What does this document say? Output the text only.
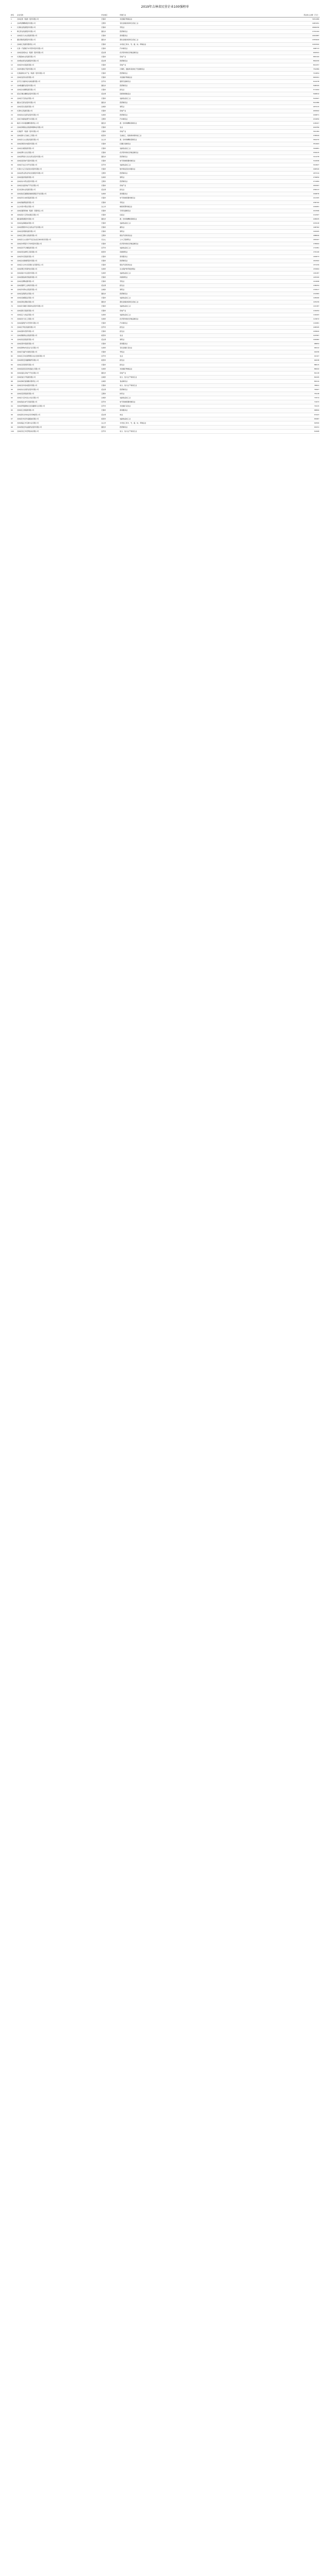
2019年吉林省民营企业100强榜单
排名	企业名称	所在地区	所属行业	营业收入总额（万元）
1	吉林亚泰（集团）股份有限公司	长春市	非金属矿物制品业	3151289
2	吉林利源精制股份有限公司	辽源市	有色金属冶炼和压延加工业	1983451
3	长春欧亚集团股份有限公司	长春市	零售业	1846230
4	修正药业集团股份有限公司	通化市	医药制造业	1732104
5	吉林省长久实业集团有限公司	长春市	商务服务业	1402987
6	通化钢铁集团股份有限公司	通化市	黑色金属冶炼和压延加工业	1355620
7	吉林森工集团有限责任公司	长春市	木材加工和木、竹、藤、棕、草制品业	1104322
8	长春一汽富维汽车零部件股份有限公司	长春市	汽车制造业	998713
9	吉林省金塔实业（集团）股份有限公司	延边州	化学原料和化学制品制造业	902541
10	长春嘉诚实业集团有限公司	长春市	房地产业	883109
11	吉林敖东药业集团股份有限公司	延边州	医药制造业	862430
12	吉林省中东集团有限公司	长春市	房地产业	801257
13	吉林华微电子股份有限公司	吉林市	计算机、通信和其他电子设备制造业	754389
14	长春高新技术产业（集团）股份有限公司	长春市	医药制造业	701854
15	吉林省亚泰水泥有限公司	长春市	非金属矿物制品业	663201
16	四平巨元瀚洋板式换热器有限公司	四平市	通用设备制造业	612478
17	吉林紫鑫药业股份有限公司	通化市	医药制造业	598320
18	吉林省吉港澳集团有限公司	长春市	批发业	571094
19	延边石岘白麓纸业股份有限公司	延边州	造纸和纸制品业	546812
20	吉林省天景食品有限公司	长春市	农副食品加工业	522907
21	通化东宝药业股份有限公司	通化市	医药制造业	501386
22	吉林省宏达集团有限公司	白城市	建筑业	487215
23	长春华正集团有限公司	长春市	房地产业	463092
24	吉林省东北亚药业股份有限公司	吉林市	医药制造业	449871
25	吉林万向新能源汽车有限公司	辽源市	汽车制造业	431650
26	梅河口市阜康酒精有限责任公司	通化市	酒、饮料和精制茶制造业	418207
27	吉林省鸿翔农业集团鸿翔种业有限公司	长春市	农业	402356
28	长春经开（集团）股份有限公司	长春市	房地产业	391184
29	吉林省新大石油化工有限公司	松原市	石油加工、炼焦和核燃料加工业	378529
30	吉林省长白山酒业集团有限公司	白山市	酒、饮料和精制茶制造业	362470
31	吉林省奥普光电股份有限公司	长春市	仪器仪表制造业	351903
32	吉林省吉粮集团有限公司	长春市	农副食品加工业	344681
33	吉林省博大生化有限公司	长春市	化学原料和化学制品制造业	332015
34	吉林省辉南长龙生化药业股份有限公司	通化市	医药制造业	321478
35	吉林省金冠电气股份有限公司	长春市	电气机械和器材制造业	312936
36	吉林省天成玉米开发有限公司	四平市	农副食品加工业	301827
37	长春吉大正元信息技术股份有限公司	长春市	软件和信息技术服务业	296540
38	吉林省西点药业科技发展股份有限公司	辽源市	医药制造业	287319
39	吉林省盛世集团有限公司	吉林市	建筑业	279650
40	吉林省东丰药业股份有限公司	辽源市	医药制造业	271084
41	吉林省吉盛房地产开发有限公司	长春市	房地产业	263497
42	延吉恒润实业集团有限公司	延边州	批发业	258213
43	吉林省松花湖国际旅游度假区开发有限公司	吉林市	商务服务业	249876
44	吉林省华生电机集团有限公司	长春市	电气机械和器材制造业	241305
45	吉林省瑞源集团有限公司	长春市	零售业	236742
46	白山市喜丰塑业有限公司	白山市	橡胶和塑料制品业	229081
47	吉林省通用机械（集团）有限责任公司	长春市	专用设备制造业	221596
48	吉林省恒大宝利来酒店有限公司	长春市	住宿业	214307
49	通化葡萄酒股份有限公司	通化市	酒、饮料和精制茶制造业	208935
50	吉林省益海粮油有限公司	长春市	农副食品加工业	203418
51	吉林省德惠市华正农牧业开发有限公司	长春市	畜牧业	198762
52	吉林省金钥匙集团有限公司	长春市	建筑业	193205
53	吉林省辽源矿业集团有限公司	辽源市	煤炭开采和洗选业	188640
54	吉林省长白山保护开发区池北区城市建设有限公司	长白山	土木工程建筑业	183297
55	吉林省中研高分子材料股份有限公司	长春市	化学原料和化学制品制造业	178904
56	吉林省四平红嘴集团有限公司	四平市	农副食品加工业	174381
57	吉林省宏远建筑工程有限公司	松原市	房屋建筑业	170126
58	吉林省华安集团有限公司	长春市	商务服务业	165873
59	吉林省吉春制药股份有限公司	长春市	医药制造业	161502
60	吉林省九台市龙家堡矿业有限责任公司	长春市	煤炭开采和洗选业	157239
61	吉林省明日环保科技有限公司	吉林市	生态保护和环境治理业	153064
62	吉林省裕丰米业股份有限公司	吉林市	农副食品加工业	149187
63	吉林省国信建设集团有限公司	长春市	房屋建筑业	145320
64	吉林省金鹰电器有限公司	长春市	零售业	141698
65	吉林省烟草工业物资有限公司	延边州	批发业	138254
66	吉林省华源实业集团有限公司	白城市	建筑业	134917
67	吉林省亚联药业有限公司	通化市	医药制造业	131583
68	吉林省金翼蛋品有限公司	长春市	农副食品加工业	128406
69	吉林省鸿达钢铁有限公司	通化市	黑色金属冶炼和压延加工业	125239
70	吉林省长春皓月清真肉业股份有限公司	长春市	农副食品加工业	122187
71	吉林省新元集团有限公司	长春市	房地产业	119254
72	吉林省正大食品有限公司	吉林市	农副食品加工业	116403
73	吉林省光大化工有限公司	吉林市	化学原料和化学制品制造业	113672
74	吉林省富奥汽车零部件有限公司	长春市	汽车制造业	110981
75	吉林省万利达集团有限公司	四平市	批发业	108345
76	吉林省国华医药有限公司	长春市	批发业	105820
77	吉林省隆源农业集团有限公司	松原市	农业	103367
78	吉林省恒昌集团有限公司	延边州	建筑业	100982
79	吉林省泰华集团有限公司	长春市	商务服务业	98654
80	吉林省桦甸市金达矿业有限公司	吉林市	有色金属矿采选业	96412
81	吉林省天福汽车销售有限公司	长春市	零售业	94236
82	吉林省辽河农垦管理区农业发展有限公司	四平市	农业	92107
83	吉林省乾安县鑫源粮贸有限公司	松原市	批发业	90038
84	吉林省圣泰医药有限公司	长春市	批发业	88015
85	吉林省昌邑区佳和混凝土有限公司	吉林市	非金属矿物制品业	86042
86	吉林省盛达房地产开发有限公司	通化市	房地产业	84118
87	吉林省旭日升集团有限公司	白城市	电力、热力生产和供应业	82245
88	吉林省梅花氨基酸有限责任公司	白城市	食品制造业	80419
89	吉林省龙华热电股份有限公司	长春市	电力、热力生产和供应业	78641
90	吉林省东北虎药业股份有限公司	延边州	医药制造业	76907
91	吉林省安泰集团有限公司	辽源市	纺织业	75218
92	吉林省大安市金山米业有限公司	白城市	农副食品加工业	73574
93	吉林省信达电气设备有限公司	四平市	电气机械和器材制造业	71973
94	吉林省伊通满族自治县鑫源矿业有限公司	四平市	非金属矿采选业	70415
95	吉林省汇金集团有限公司	长春市	商务服务业	68899
96	吉林省和龙市林业局多种经营公司	延边州	林业	67423
97	吉林省长岭县华盛粮油有限公司	松原市	农副食品加工业	65987
98	吉林省临江市宝健木业有限公司	白山市	木材加工和木、竹、藤、棕、草制品业	64590
99	吉林省集安市益盛药业股份有限公司	通化市	医药制造业	63231
100	吉林省双辽市宏利热电有限公司	四平市	电力、热力生产和供应业	61908
